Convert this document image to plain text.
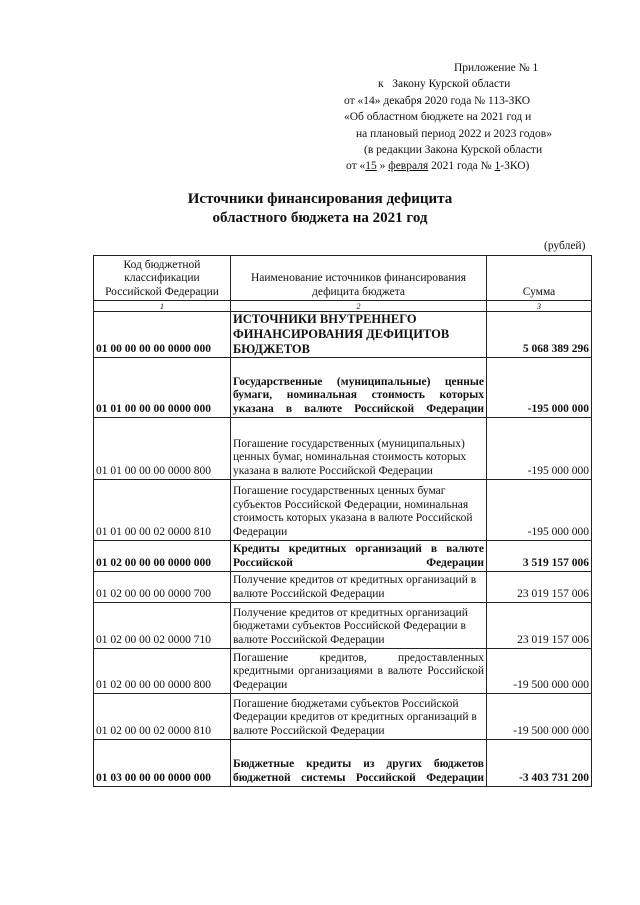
Приложение № 1
к   Закону Курской области
от «14» декабря 2020 года № 113-ЗКО
«Об областном бюджете на 2021 год и
на плановый период 2022 и 2023 годов»
(в редакции Закона Курской области
от «15 » февраля 2021 года № 1-ЗКО)
Источники финансирования дефицита
областного бюджета на 2021 год
(рублей)
Код бюджетной классификации Российской Федерации	Наименование источников финансирования дефицита бюджета	Сумма
1	2	3
01 00 00 00 00 0000 000	ИСТОЧНИКИ ВНУТРЕННЕГО ФИНАНСИРОВАНИЯ ДЕФИЦИТОВ БЮДЖЕТОВ	5 068 389 296
01 01 00 00 00 0000 000	Государственные (муниципальные) ценные бумаги, номинальная стоимость которых указана в валюте Российской Федерации	-195 000 000
01 01 00 00 00 0000 800	Погашение государственных (муниципальных) ценных бумаг, номинальная стоимость которых указана в валюте Российской Федерации	-195 000 000
01 01 00 00 02 0000 810	Погашение государственных ценных бумаг субъектов Российской Федерации, номинальная стоимость которых указана в валюте Российской Федерации	-195 000 000
01 02 00 00 00 0000 000	Кредиты кредитных организаций в валюте Российской Федерации	3 519 157 006
01 02 00 00 00 0000 700	Получение кредитов от кредитных организаций в валюте Российской Федерации	23 019 157 006
01 02 00 00 02 0000 710	Получение кредитов от кредитных организаций бюджетами субъектов Российской Федерации в валюте Российской Федерации	23 019 157 006
01 02 00 00 00 0000 800	Погашение кредитов, предоставленных кредитными организациями в валюте Российской Федерации	-19 500 000 000
01 02 00 00 02 0000 810	Погашение бюджетами субъектов Российской Федерации кредитов от кредитных организаций в валюте Российской Федерации	-19 500 000 000
01 03 00 00 00 0000 000	Бюджетные кредиты из других бюджетов бюджетной системы Российской Федерации	-3 403 731 200
